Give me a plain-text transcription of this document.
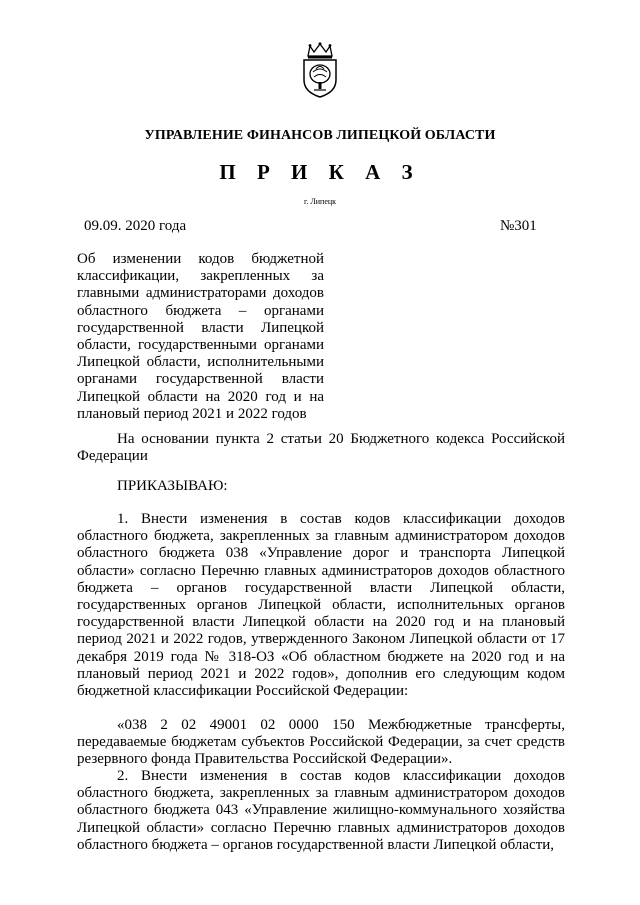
УПРАВЛЕНИЕ ФИНАНСОВ ЛИПЕЦКОЙ ОБЛАСТИ
П Р И К А З
г. Липецк
09.09. 2020 года	№301
Об изменении кодов бюджетной классификации, закрепленных за главными администраторами доходов областного бюджета – органами государственной власти Липецкой области, государственными органами Липецкой области, исполнительными органами государственной власти Липецкой области на 2020 год и на плановый период 2021 и 2022 годов
На основании пункта 2 статьи 20 Бюджетного кодекса Российской Федерации
ПРИКАЗЫВАЮ:
1. Внести изменения в состав кодов классификации доходов областного бюджета, закрепленных за главным администратором доходов областного бюджета 038 «Управление дорог и транспорта Липецкой области» согласно Перечню главных администраторов доходов областного бюджета – органов государственной власти Липецкой области, государственных органов Липецкой области, исполнительных органов государственной власти Липецкой области на 2020 год и на плановый период 2021 и 2022 годов, утвержденного Законом Липецкой области от 17 декабря 2019 года № 318-ОЗ «Об областном бюджете на 2020 год и на плановый период 2021 и 2022 годов», дополнив его следующим кодом бюджетной классификации Российской Федерации:
«038 2 02 49001 02 0000 150 Межбюджетные трансферты, передаваемые бюджетам субъектов Российской Федерации, за счет средств резервного фонда Правительства Российской Федерации».
2. Внести изменения в состав кодов классификации доходов областного бюджета, закрепленных за главным администратором доходов областного бюджета 043 «Управление жилищно-коммунального хозяйства Липецкой области» согласно Перечню главных администраторов доходов областного бюджета – органов государственной власти Липецкой области,
